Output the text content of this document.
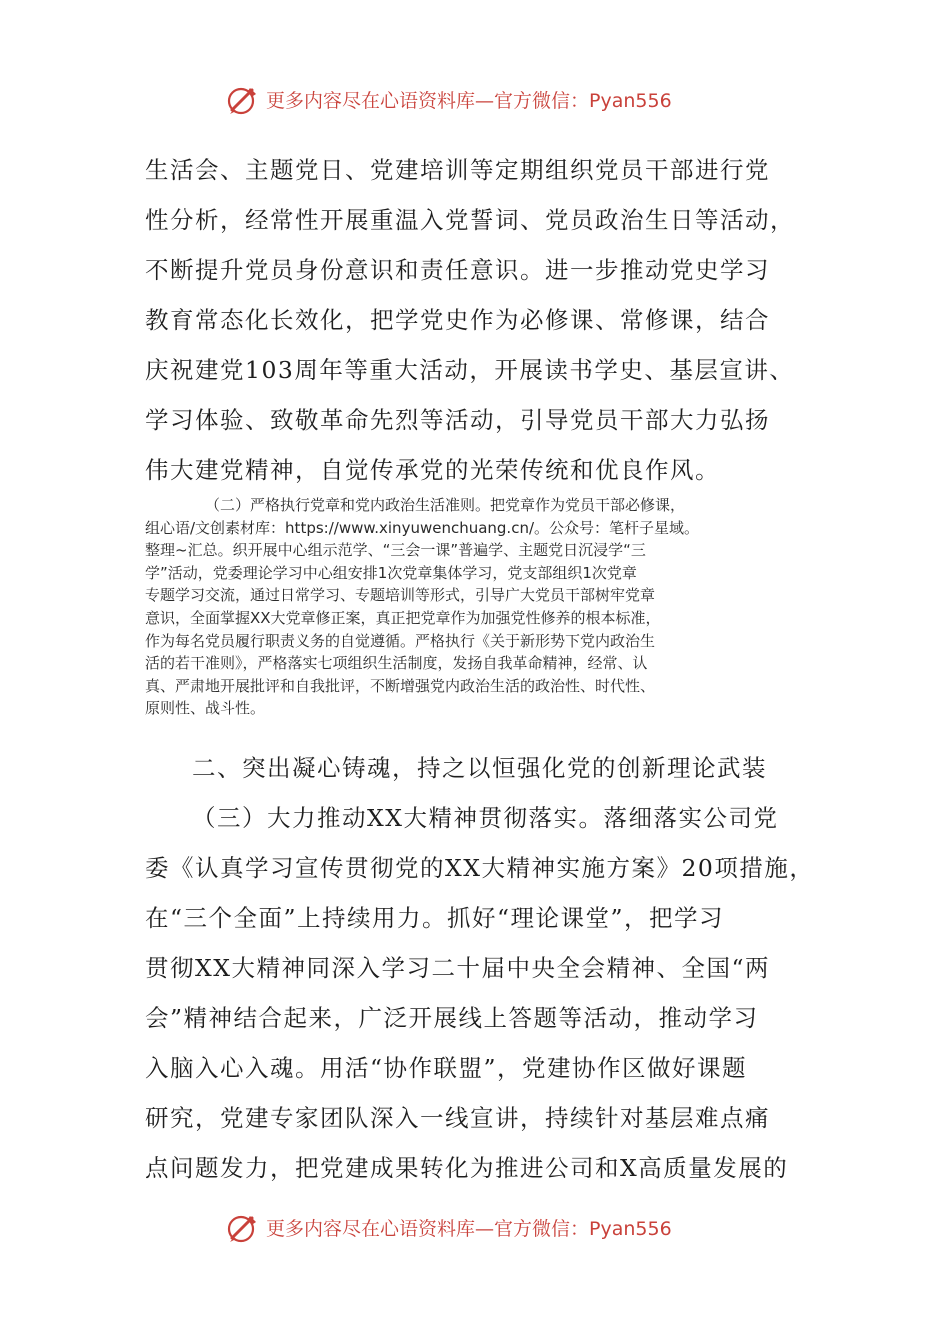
更多内容尽在心语资料库—官方微信：Pyan556
生活会、主题党日、党建培训等定期组织党员干部进行党
性分析，经常性开展重温入党誓词、党员政治生日等活动，
不断提升党员身份意识和责任意识。进一步推动党史学习
教育常态化长效化，把学党史作为必修课、常修课，结合
庆祝建党103周年等重大活动，开展读书学史、基层宣讲、
学习体验、致敬革命先烈等活动，引导党员干部大力弘扬
伟大建党精神，自觉传承党的光荣传统和优良作风。

（二）严格执行党章和党内政治生活准则。把党章作为党员干部必修课，

组心语/文创素材库：https://www.xinyuwenchuang.cn/。公众号：笔杆子星域。

整理~汇总。织开展中心组示范学、“三会一课”普遍学、主题党日沉浸学“三

学”活动，党委理论学习中心组安排1次党章集体学习，党支部组织1次党章

专题学习交流，通过日常学习、专题培训等形式，引导广大党员干部树牢党章

意识，全面掌握XX大党章修正案，真正把党章作为加强党性修养的根本标准，

作为每名党员履行职责义务的自觉遵循。严格执行《关于新形势下党内政治生

活的若干准则》，严格落实七项组织生活制度，发扬自我革命精神，经常、认

真、严肃地开展批评和自我批评，不断增强党内政治生活的政治性、时代性、

原则性、战斗性。

二、突出凝心铸魂，持之以恒强化党的创新理论武装
（三）大力推动XX大精神贯彻落实。落细落实公司党
委《认真学习宣传贯彻党的XX大精神实施方案》20项措施，
在“三个全面”上持续用力。抓好“理论课堂”，把学习
贯彻XX大精神同深入学习二十届中央全会精神、全国“两
会”精神结合起来，广泛开展线上答题等活动，推动学习
入脑入心入魂。用活“协作联盟”，党建协作区做好课题
研究，党建专家团队深入一线宣讲，持续针对基层难点痛
点问题发力，把党建成果转化为推进公司和X高质量发展的
更多内容尽在心语资料库—官方微信：Pyan556
